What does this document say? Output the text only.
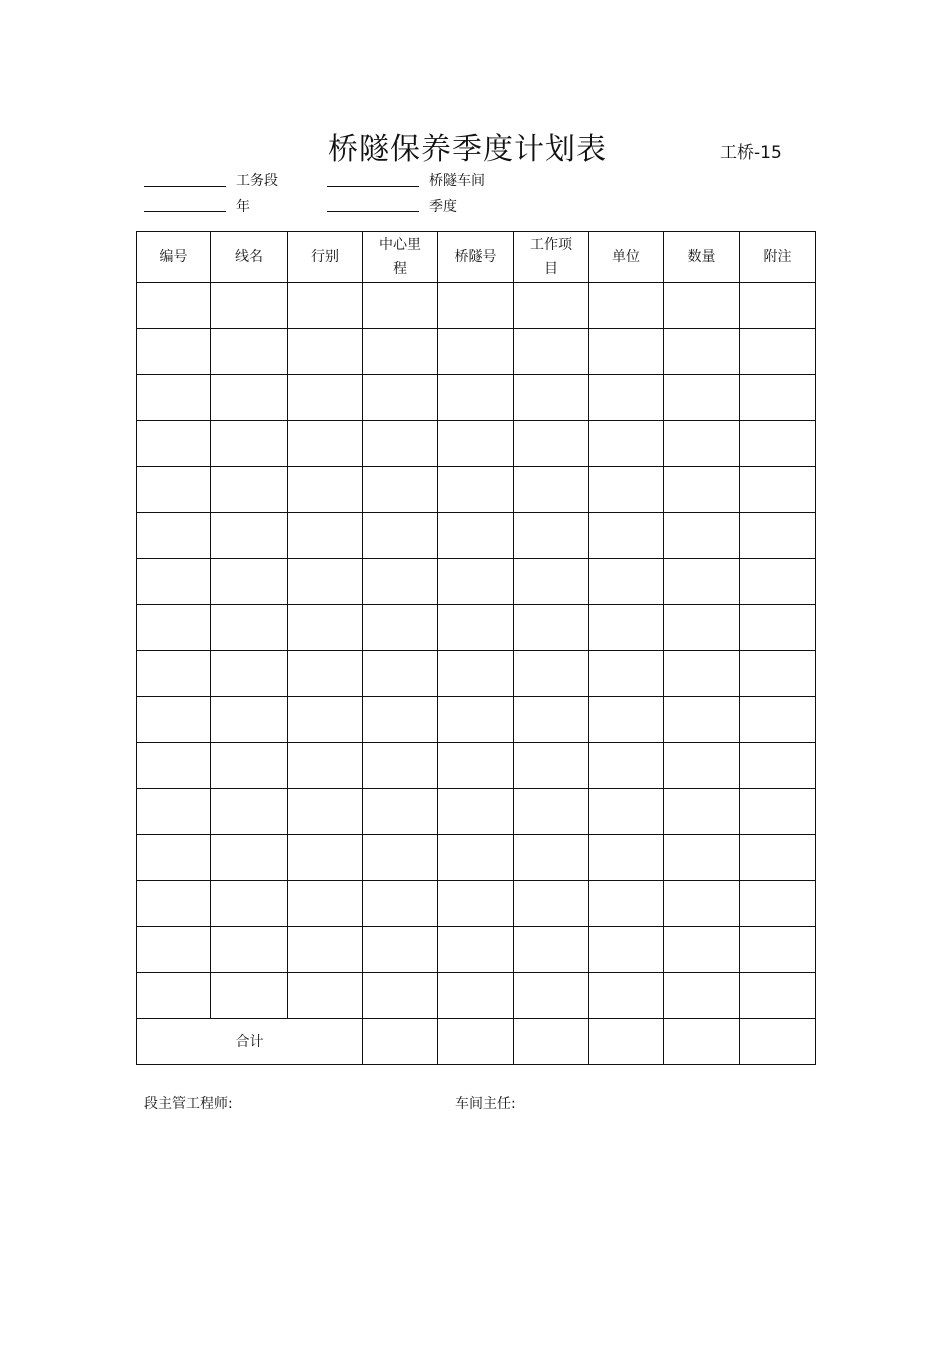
桥隧保养季度计划表	工桥-15
工务段	桥隧车间
年	季度
编号	线名	行别	中心里程	桥隧号	工作项目	单位	数量	附注

合计								
段主管工程师:	车间主任:
